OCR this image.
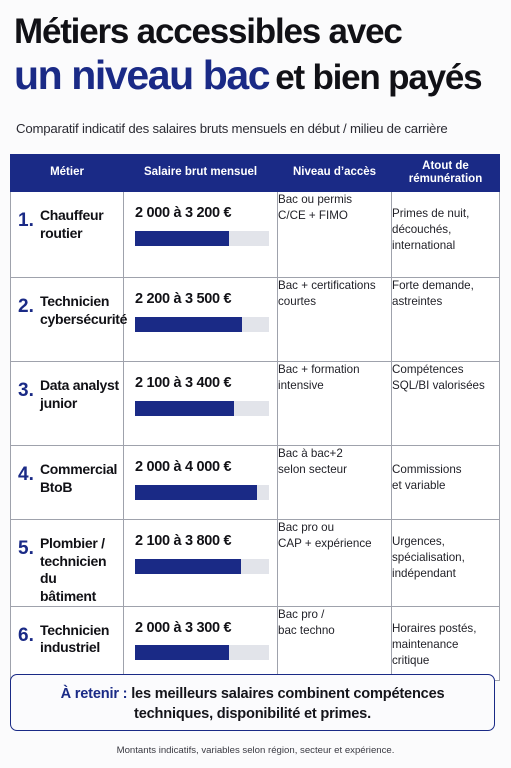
Métiers accessibles avec
un niveau bac et bien payés
Comparatif indicatif des salaires bruts mensuels en début / milieu de carrière
Métier	Salaire brut mensuel	Niveau d’accès	Atout de
rémunération

1. Chauffeur
routier	2 000 à 3 200 €	Bac ou permis
C/CE + FIMO	Primes de nuit,
découchés,
international

2. Technicien
cybersécurité	2 200 à 3 500 €	Bac + certifications
courtes	Forte demande,
astreintes

3. Data analyst
junior	2 100 à 3 400 €	Bac + formation
intensive	Compétences
SQL/BI valorisées

4. Commercial
BtoB	2 000 à 4 000 €	Bac à bac+2
selon secteur	Commissions
et variable

5. Plombier /
technicien du
bâtiment	2 100 à 3 800 €	Bac pro ou
CAP + expérience	Urgences,
spécialisation,
indépendant

6. Technicien
industriel	2 000 à 3 300 €	Bac pro /
bac techno	Horaires postés,
maintenance
critique
À retenir : les meilleurs salaires combinent compétences
techniques, disponibilité et primes.
Montants indicatifs, variables selon région, secteur et expérience.
